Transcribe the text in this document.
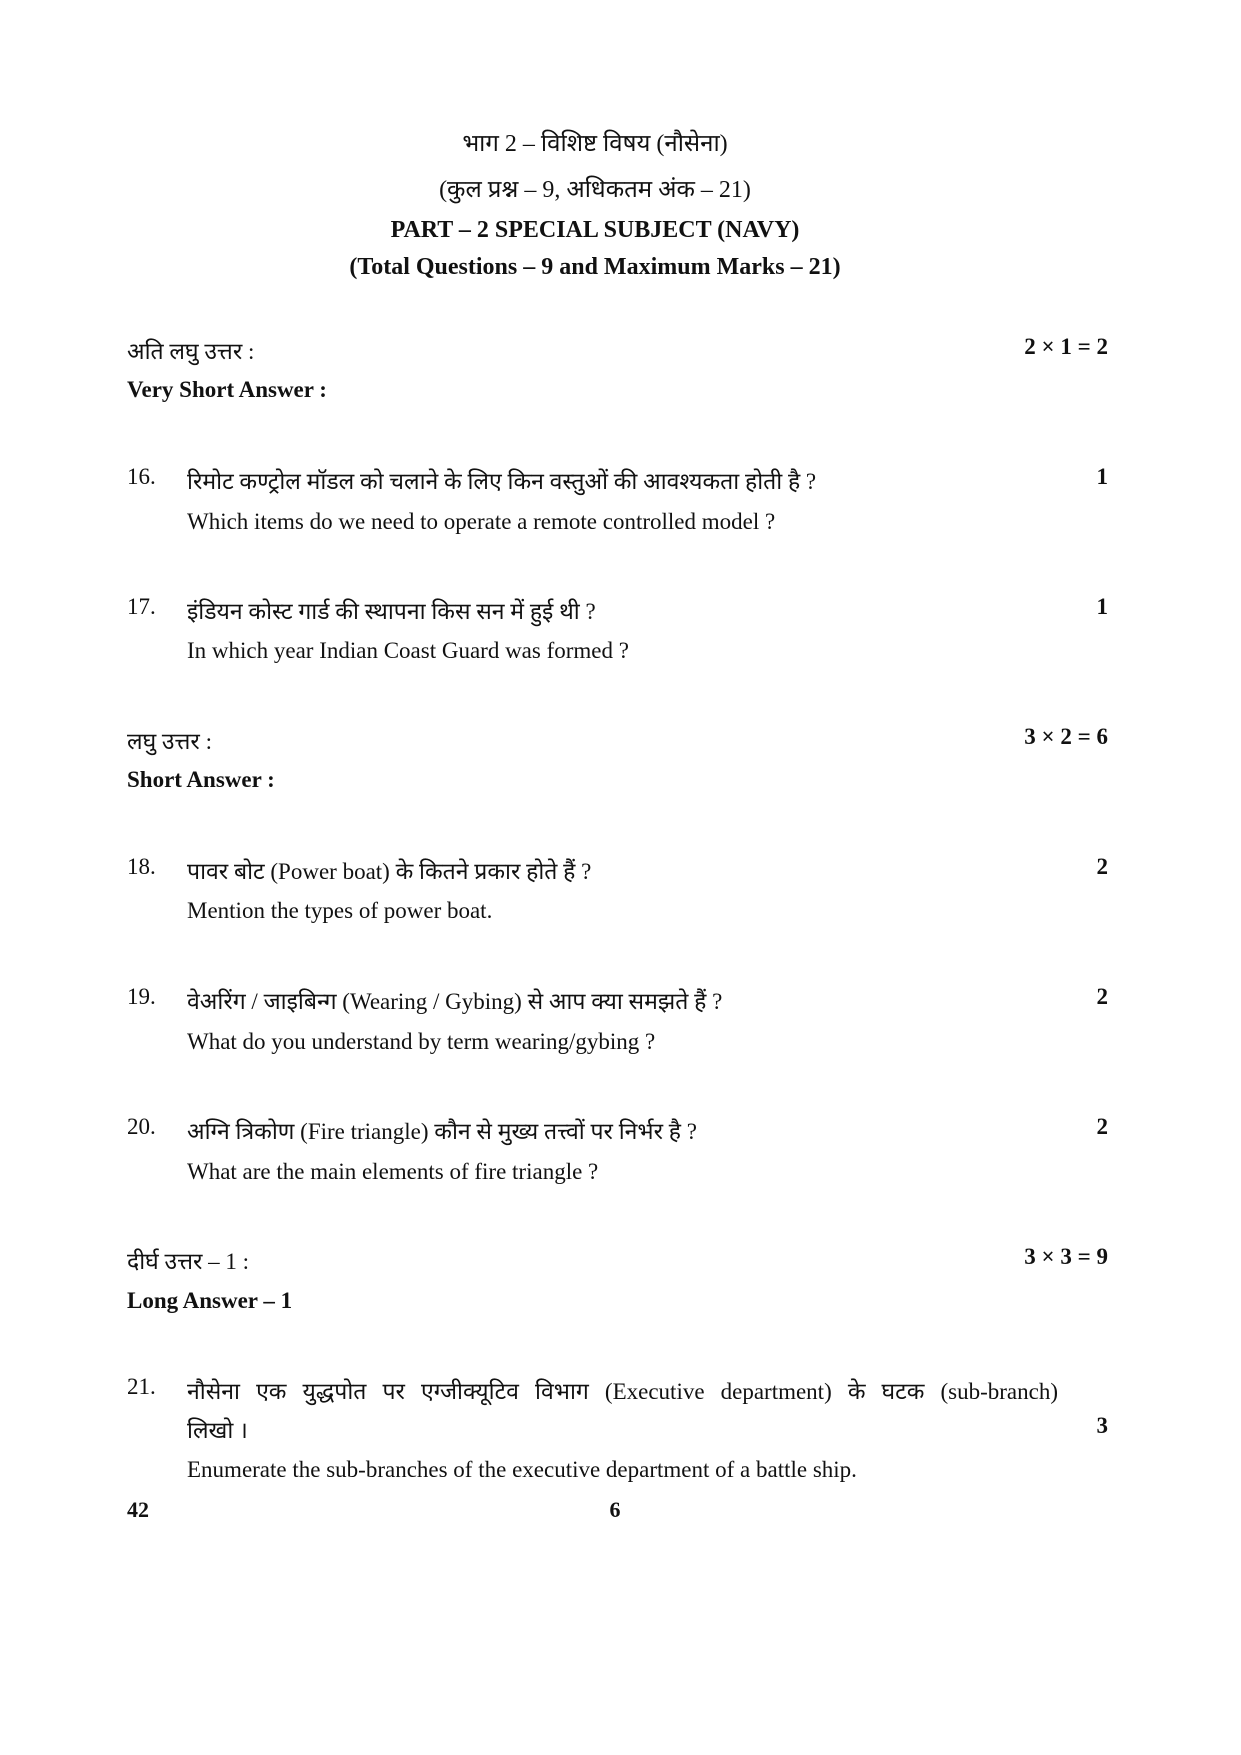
भाग 2 – विशिष्ट विषय (नौसेना)
(कुल प्रश्न – 9, अधिकतम अंक – 21)
PART – 2 SPECIAL SUBJECT (NAVY)
(Total Questions – 9 and Maximum Marks – 21)
अति लघु उत्तर :	2 × 1 = 2
Very Short Answer :
16. रिमोट कण्ट्रोल मॉडल को चलाने के लिए किन वस्तुओं की आवश्यकता होती है ?	1
Which items do we need to operate a remote controlled model ?
17. इंडियन कोस्ट गार्ड की स्थापना किस सन में हुई थी ?	1
In which year Indian Coast Guard was formed ?
लघु उत्तर :	3 × 2 = 6
Short Answer :
18. पावर बोट (Power boat) के कितने प्रकार होते हैं ?	2
Mention the types of power boat.
19. वेअरिंग / जाइबिन्ग (Wearing / Gybing) से आप क्या समझते हैं ?	2
What do you understand by term wearing/gybing ?
20. अग्नि त्रिकोण (Fire triangle) कौन से मुख्य तत्त्वों पर निर्भर है ?	2
What are the main elements of fire triangle ?
दीर्घ उत्तर – 1 :	3 × 3 = 9
Long Answer – 1
21. नौसेना एक युद्धपोत पर एग्जीक्यूटिव विभाग (Executive department) के घटक (sub-branch)
लिखो ।	3
Enumerate the sub-branches of the executive department of a battle ship.
42	6
